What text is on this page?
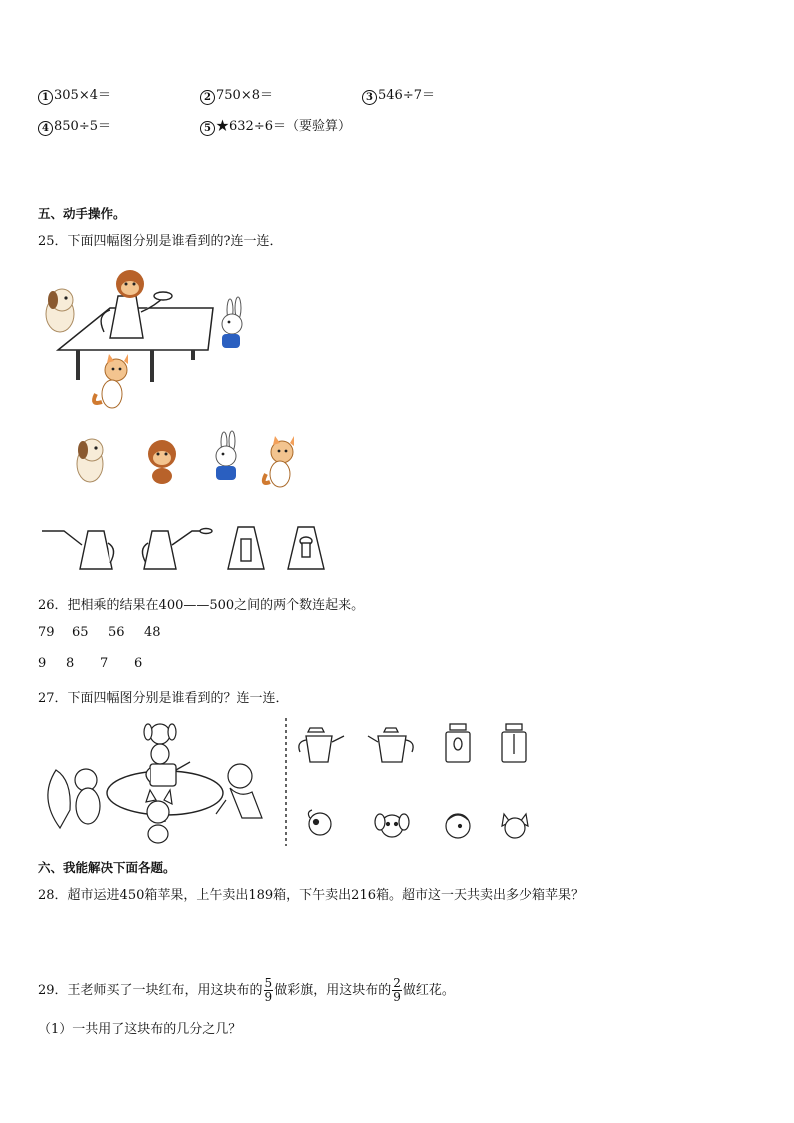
1 305×4＝	2 750×8＝	3 546÷7＝
4 850÷5＝	5 ★632÷6＝（要验算）
五、动手操作。
25．下面四幅图分别是谁看到的?连一连．
26．把相乘的结果在400——500之间的两个数连起来。
79 65 56 48
9 8 7 6
27．下面四幅图分别是谁看到的？连一连．
六、我能解决下面各题。
28．超市运进450箱苹果，上午卖出189箱，下午卖出216箱。超市这一天共卖出多少箱苹果？
29．王老师买了一块红布，用这块布的 $\frac{5}{9}$ 做彩旗，用这块布的 $\frac{2}{9}$ 做红花。
（1）一共用了这块布的几分之几？
